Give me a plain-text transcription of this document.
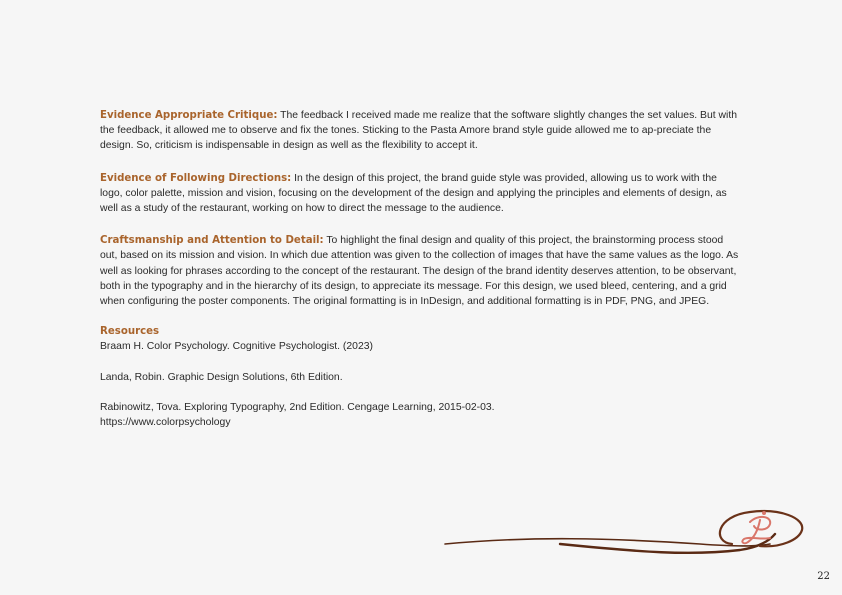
Evidence Appropriate Critique: The feedback I received made me realize that the software slightly changes the set values. But with the feedback, it allowed me to observe and fix the tones. Sticking to the Pasta Amore brand style guide allowed me to ap-preciate the design. So, criticism is indispensable in design as well as the flexibility to accept it.

Evidence of Following Directions: In the design of this project, the brand guide style was provided, allowing us to work with the logo, color palette, mission and vision, focusing on the development of the design and applying the principles and elements of design, as well as a study of the restaurant, working on how to direct the message to the audience.

Craftsmanship and Attention to Detail: To highlight the final design and quality of this project, the brainstorming process stood out, based on its mission and vision. In which due attention was given to the collection of images that have the same values as the logo. As well as looking for phrases according to the concept of the restaurant. The design of the brand identity deserves attention, to be observant, both in the typography and in the hierarchy of its design, to appreciate its message. For this design, we used bleed, centering, and a grid when configuring the poster components. The original formatting is in InDesign, and additional formatting is in PDF, PNG, and JPEG.

Resources
Braam H. Color Psychology. Cognitive Psychologist. (2023)
Landa, Robin. Graphic Design Solutions, 6th Edition.
Rabinowitz, Tova. Exploring Typography, 2nd Edition. Cengage Learning, 2015-02-03.
https://www.colorpsychology
22
